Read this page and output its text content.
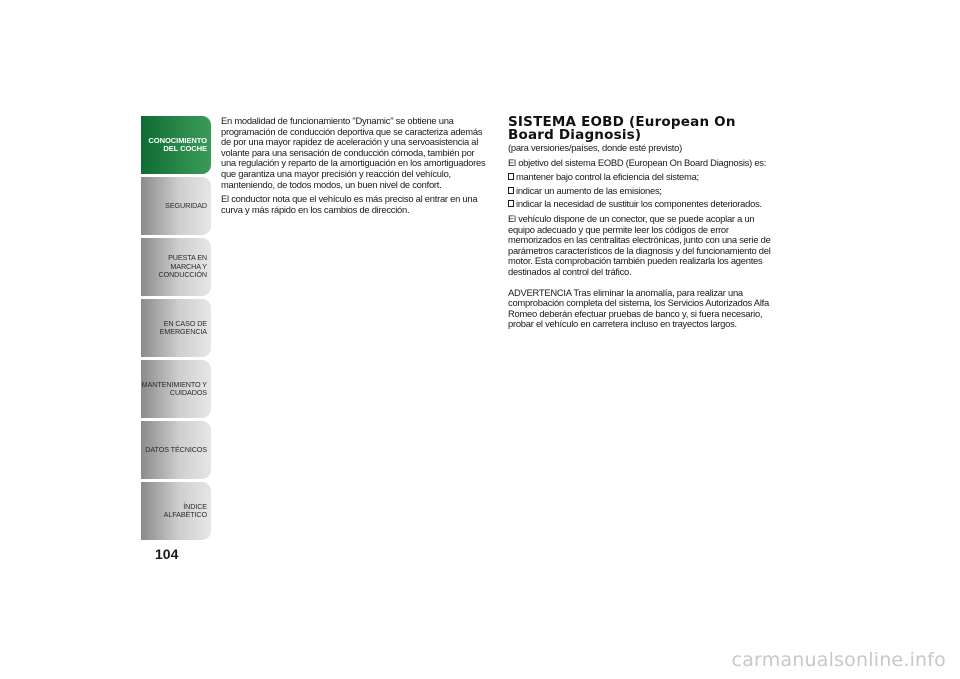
CONOCIMIENTO DEL COCHE
SEGURIDAD
PUESTA EN MARCHA Y CONDUCCIÓN
EN CASO DE EMERGENCIA
MANTENIMIENTO Y CUIDADOS
DATOS TÉCNICOS
ÍNDICE ALFABÉTICO
104

En modalidad de funcionamiento "Dynamic" se obtiene una programación de conducción deportiva que se caracteriza además de por una mayor rapidez de aceleración y una servoasistencia al volante para una sensación de conducción cómoda, también por una regulación y reparto de la amortiguación en los amortiguadores que garantiza una mayor precisión y reacción del vehículo, manteniendo, de todos modos, un buen nivel de confort.

El conductor nota que el vehículo es más preciso al entrar en una curva y más rápido en los cambios de dirección.

SISTEMA EOBD (European On Board Diagnosis)

(para versiones/países, donde esté previsto)

El objetivo del sistema EOBD (European On Board Diagnosis) es:

mantener bajo control la eficiencia del sistema;
indicar un aumento de las emisiones;
indicar la necesidad de sustituir los componentes deteriorados.

El vehículo dispone de un conector, que se puede acoplar a un equipo adecuado y que permite leer los códigos de error memorizados en las centralitas electrónicas, junto con una serie de parámetros característicos de la diagnosis y del funcionamiento del motor. Esta comprobación también pueden realizarla los agentes destinados al control del tráfico.

ADVERTENCIA Tras eliminar la anomalía, para realizar una comprobación completa del sistema, los Servicios Autorizados Alfa Romeo deberán efectuar pruebas de banco y, si fuera necesario, probar el vehículo en carretera incluso en trayectos largos.

carmanualsonline.info
